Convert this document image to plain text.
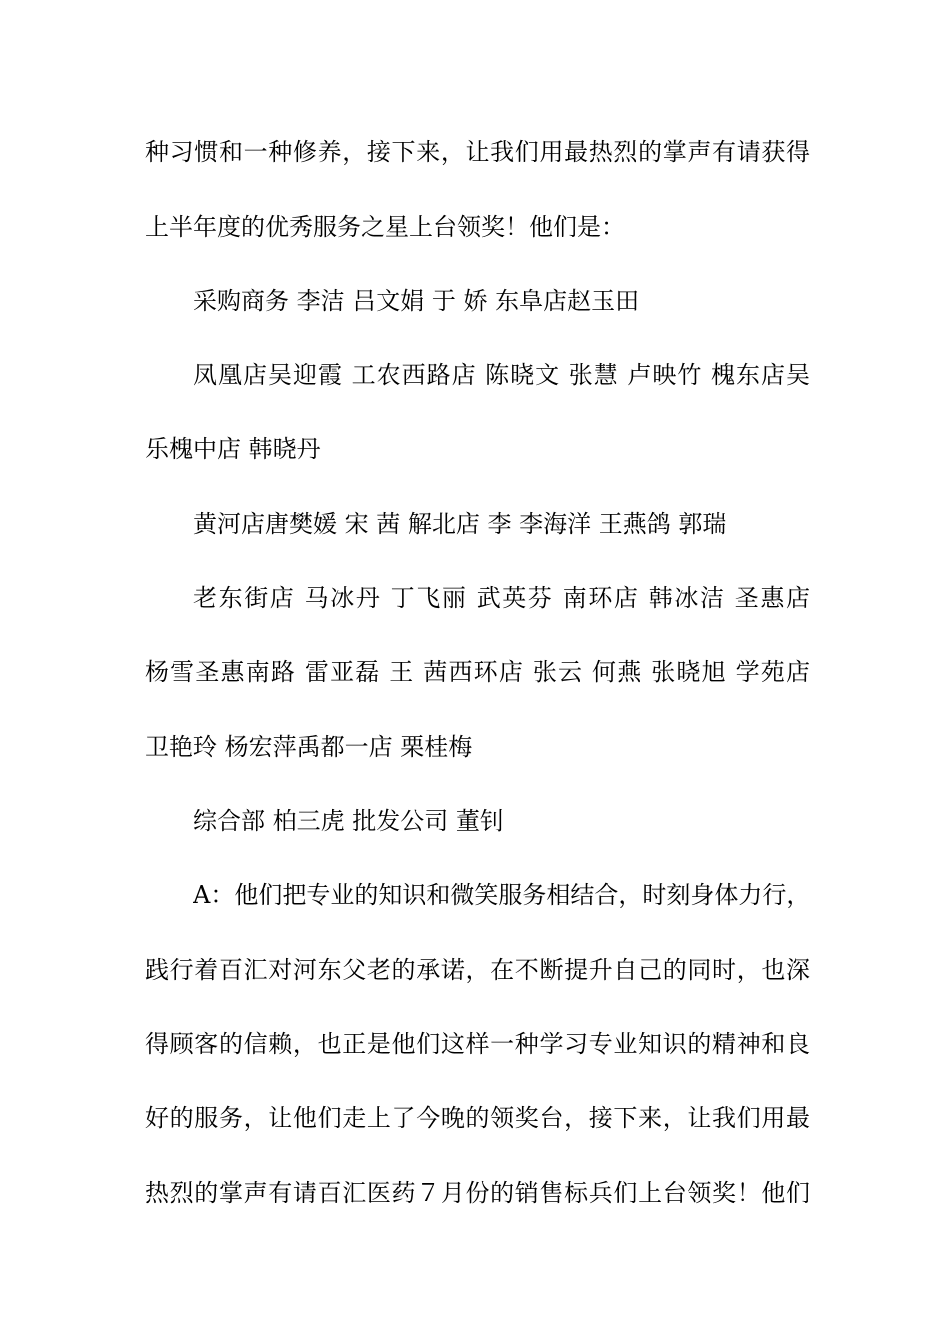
种习惯和一种修养，接下来，让我们用最热烈的掌声有请获得
上半年度的优秀服务之星上台领奖！他们是：
采购商务 李洁 吕文娟 于 娇 东阜店赵玉田
凤凰店吴迎霞 工农西路店 陈晓文 张慧 卢映竹 槐东店吴
乐槐中店 韩晓丹
黄河店唐樊媛 宋 茜 解北店 李 李海洋 王燕鸽 郭瑞
老东街店 马冰丹 丁飞丽 武英芬 南环店 韩冰洁 圣惠店
杨雪圣惠南路 雷亚磊 王 茜西环店 张云 何燕 张晓旭 学苑店
卫艳玲 杨宏萍禹都一店 栗桂梅
综合部 柏三虎 批发公司 董钊
A：他们把专业的知识和微笑服务相结合，时刻身体力行，
践行着百汇对河东父老的承诺，在不断提升自己的同时，也深
得顾客的信赖，也正是他们这样一种学习专业知识的精神和良
好的服务，让他们走上了今晚的领奖台，接下来，让我们用最
热烈的掌声有请百汇医药７月份的销售标兵们上台领奖！他们
